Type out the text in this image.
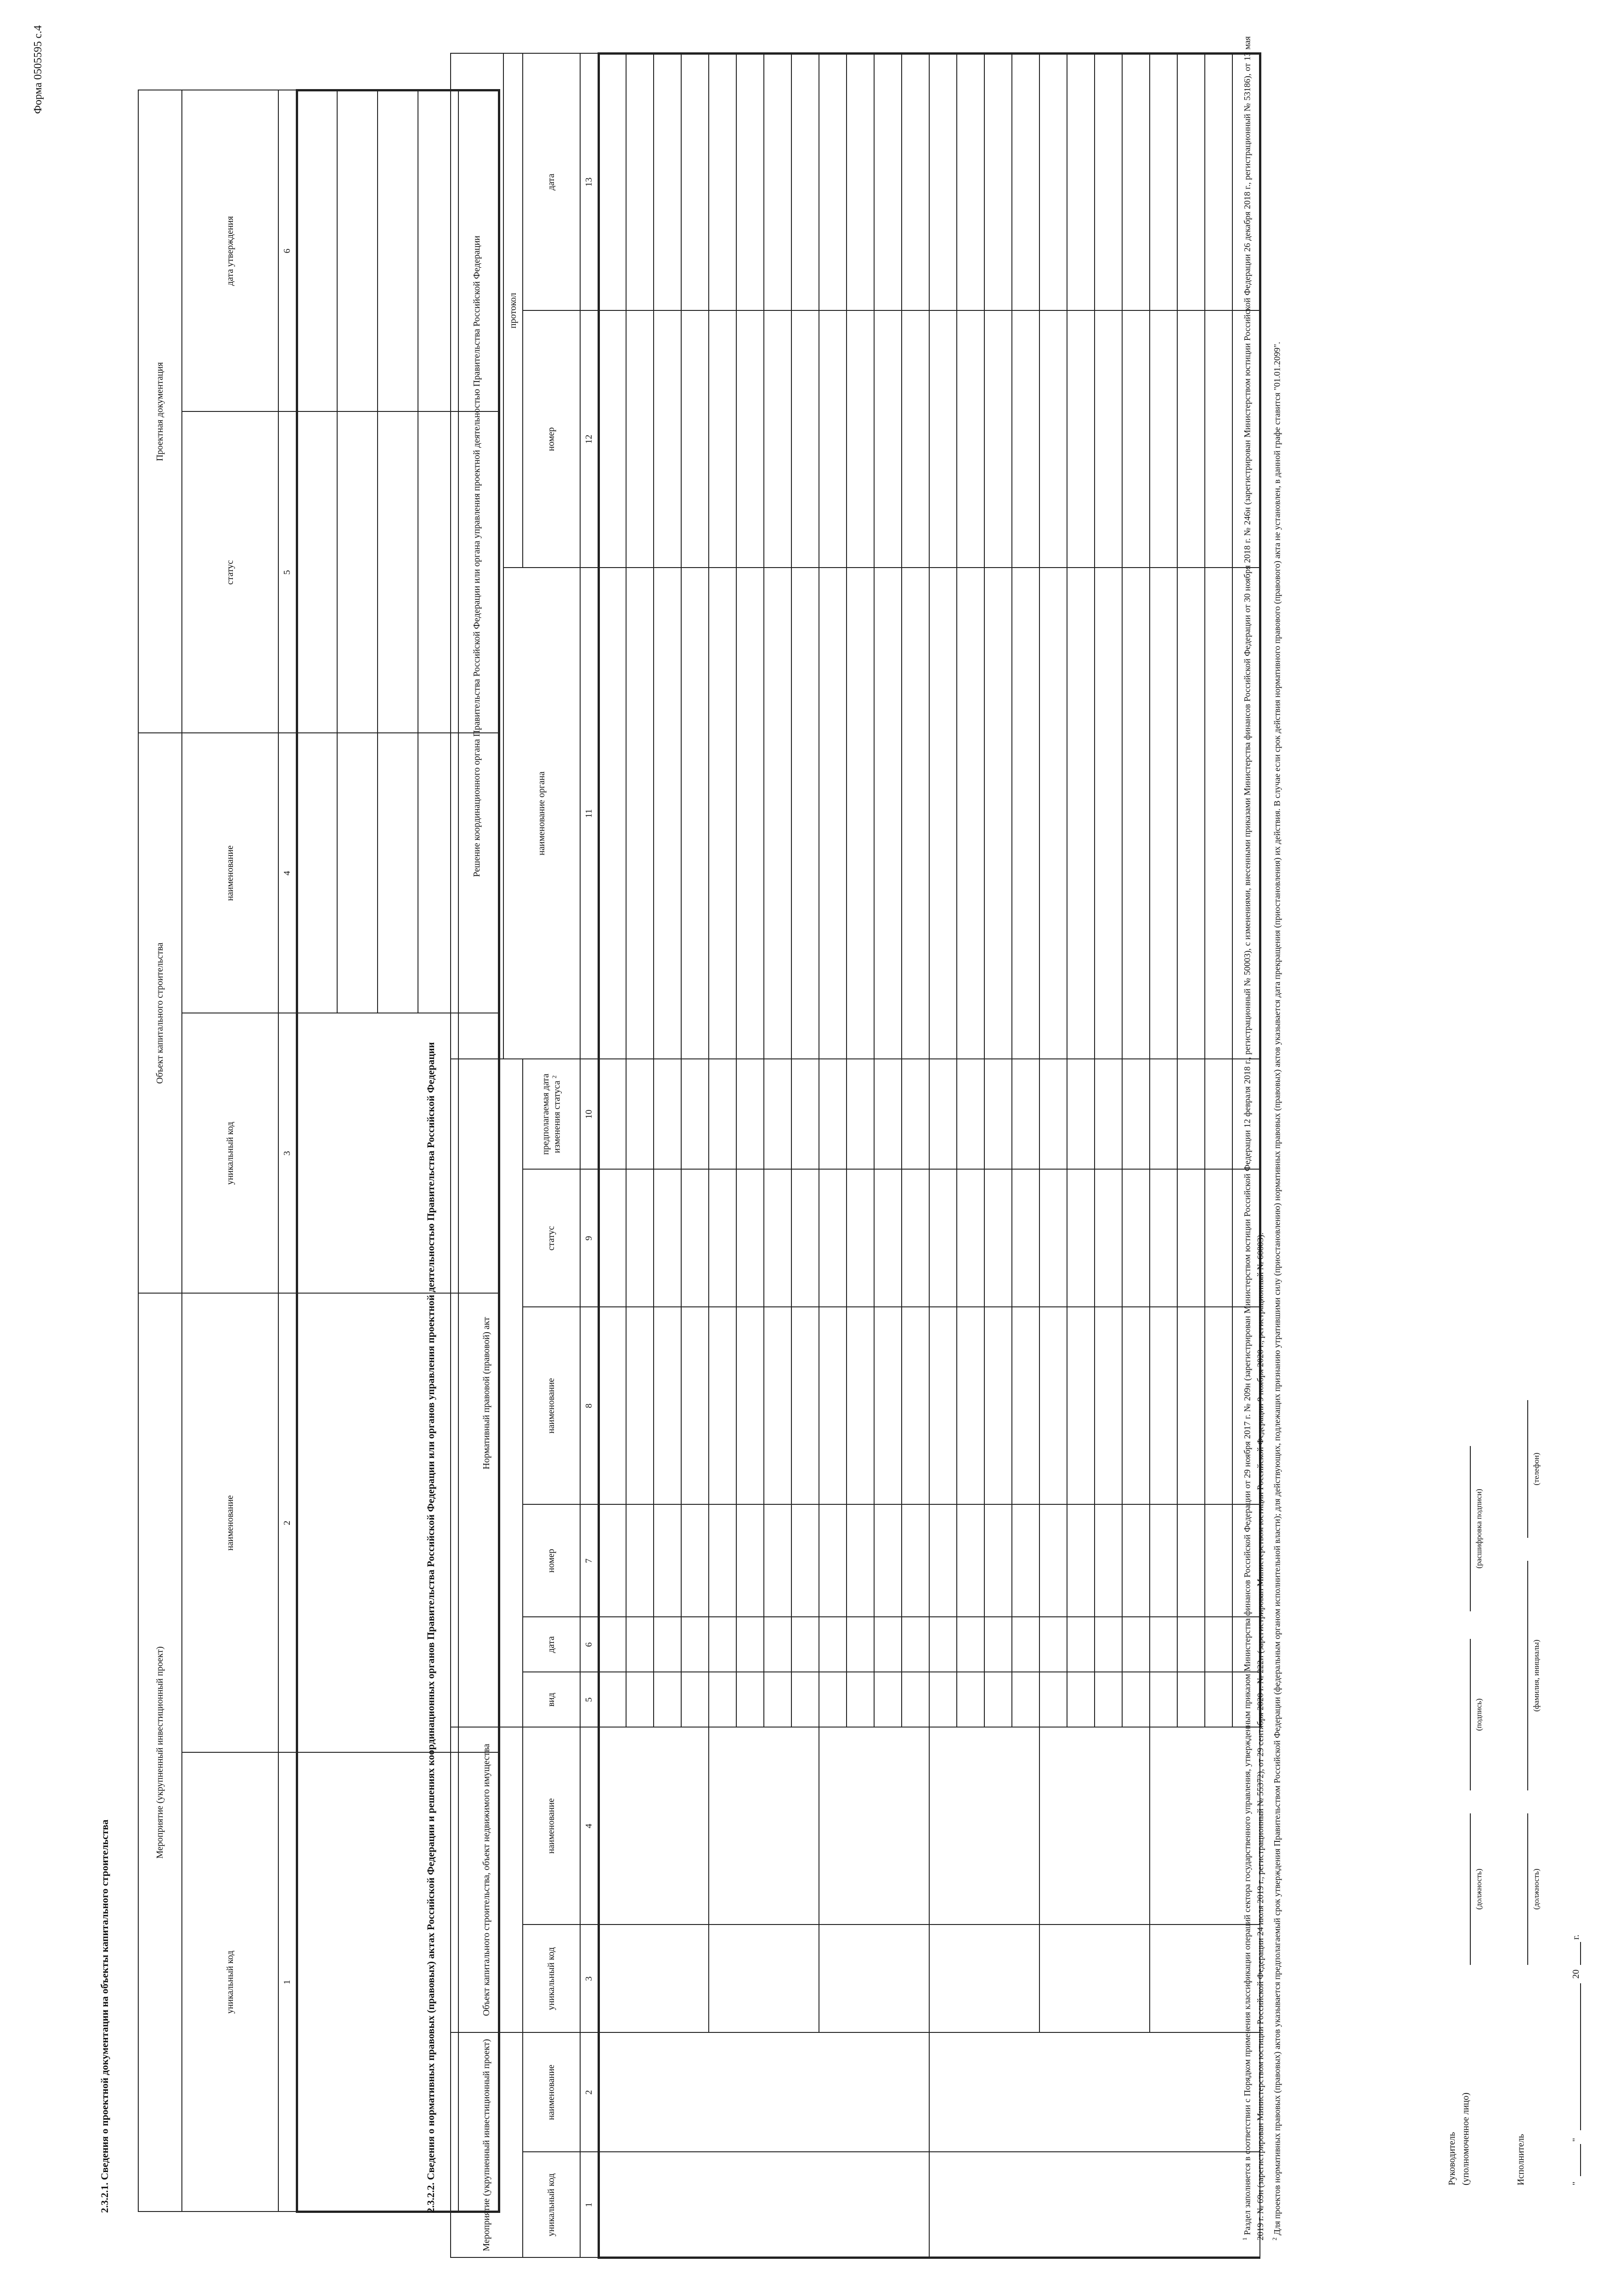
Форма 0505595 с.4
2.3.2.1. Сведения о проектной документации на объекты капитального строительства
Мероприятие (укрупненный инвестиционный проект)		Объект капитального строительства		Проектная документация	
уникальный код	наименование	уникальный код	наименование	статус	дата утверждения
1	2	3	4	5	6

2.3.2.2. Сведения о нормативных правовых (правовых) актах Российской Федерации и решениях координационных органов Правительства Российской Федерации или органов управления проектной деятельностью Правительства Российской Федерации	Мероприятие (укрупненный инвестиционный проект)		Объект капитального строительства, объект недвижимого имущества		Нормативный правовой (правовой) акт						Решение координационного органа Правительства Российской Федерации или органа управления проектной деятельностью Правительства Российской Федерации		
										наименование органа	протокол	
уникальный код	наименование	уникальный код	наименование	вид	дата	номер	наименование	статус	предполагаемая дата изменения статуса $^2$		номер	дата
1	2	3	4	5	6	7	8	9	10	11	12	13

$^1$ Раздел заполняется в соответствии с Порядком применения классификации операций сектора государственного управления, утвержденным приказом Министерства финансов Российской Федерации от 29 ноября 2017 г. № 209н (зарегистрирован Министерством юстиции Российской Федерации 12 февраля 2018 г., регистрационный № 50003), с изменениями, внесенными приказами Министерства финансов Российской Федерации от 30 ноября 2018 г. № 246н (зарегистрирован Министерством юстиции Российской Федерации 26 декабря 2018 г., регистрационный № 53186), от 13 мая 2019 г. № 69н (зарегистрирован Министерством юстиции Российской Федерации 24 июля 2019 г., регистрационный № 55372), от 29 сентября 2020 г. № 222н (зарегистрирован Министерством юстиции Российской Федерации 9 ноября 2020 г., регистрационный № 60803). $^2$ Для проектов нормативных правовых (правовых) актов указывается предполагаемый срок утверждения Правительством Российской Федерации (федеральным органом исполнительной власти); для действующих, подлежащих признанию утратившими силу (приостановлению) нормативных правовых (правовых) актов указывается дата прекращения (приостановления) их действия. В случае если срок действия нормативного правового (правового) акта не установлен, в данной графе ставится "01.01.2099".	Руководитель (уполномоченное лицо)
(должность)
(подпись)
(расшифровка подписи)
Исполнитель
(должность)
(фамилия, инициалы)
(телефон)
"
"
20
г.
